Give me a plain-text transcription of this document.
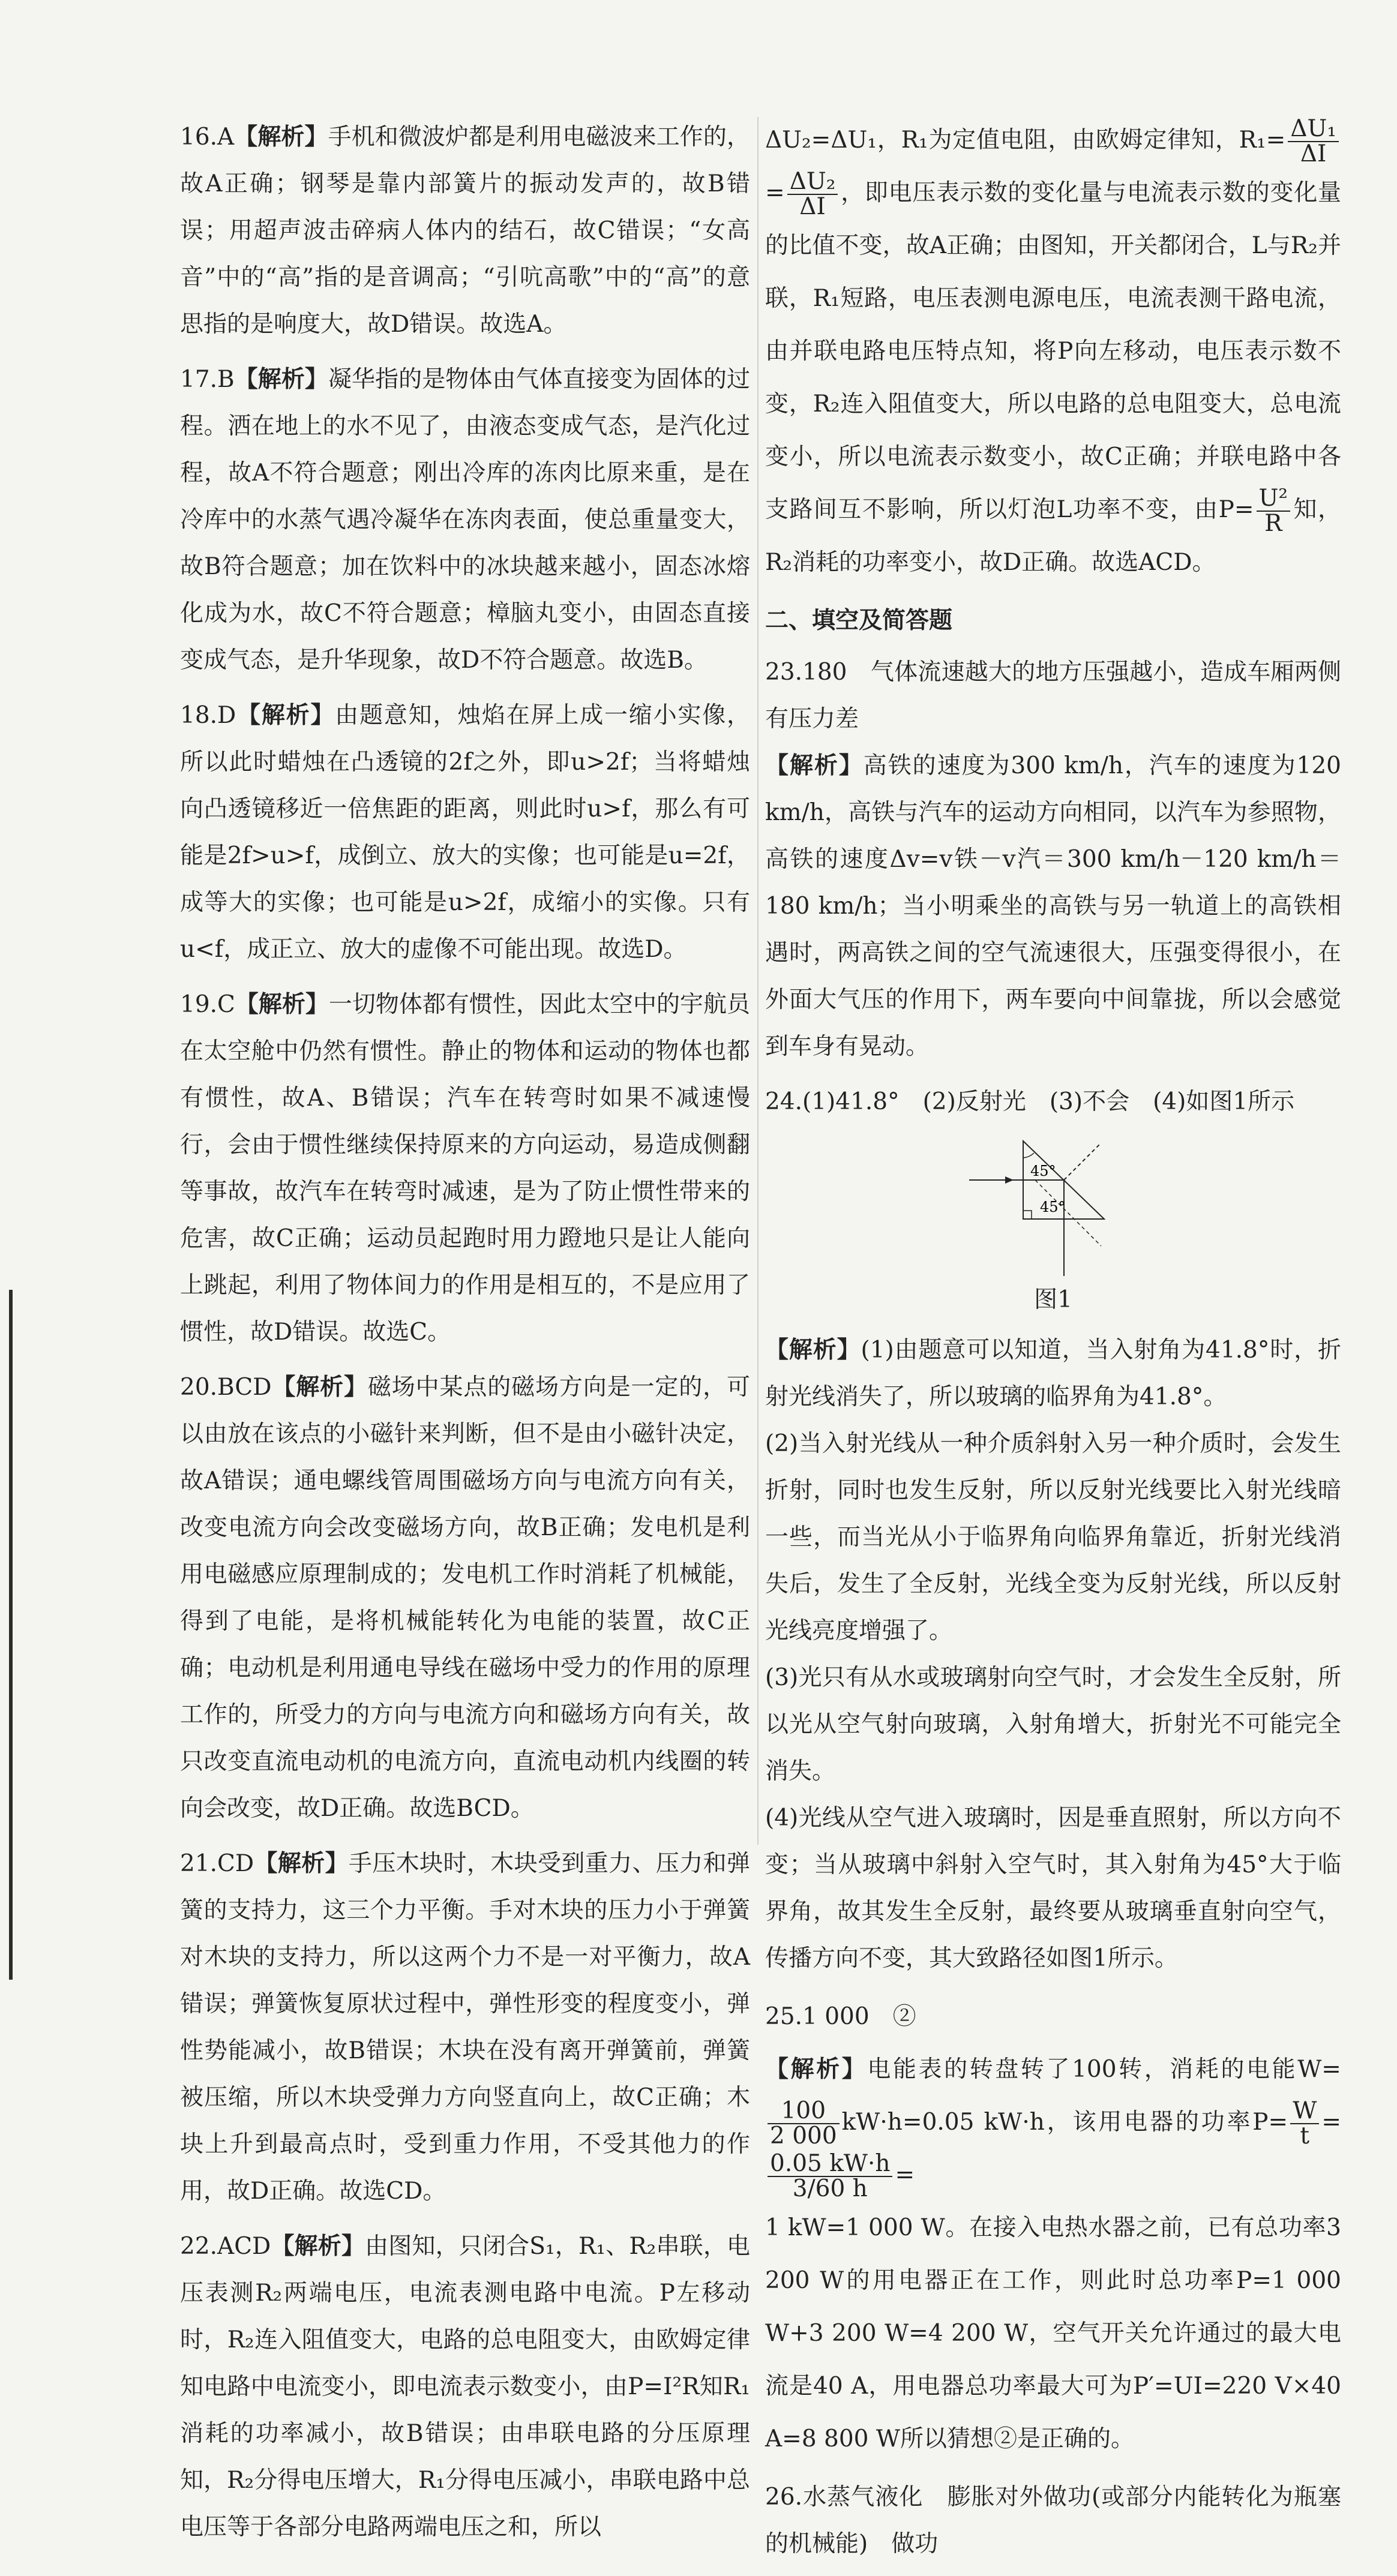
16.A【解析】手机和微波炉都是利用电磁波来工作的，故A正确；钢琴是靠内部簧片的振动发声的，故B错误；用超声波击碎病人体内的结石，故C错误；“女高音”中的“高”指的是音调高；“引吭高歌”中的“高”的意思指的是响度大，故D错误。故选A。
17.B【解析】凝华指的是物体由气体直接变为固体的过程。洒在地上的水不见了，由液态变成气态，是汽化过程，故A不符合题意；刚出冷库的冻肉比原来重，是在冷库中的水蒸气遇冷凝华在冻肉表面，使总重量变大，故B符合题意；加在饮料中的冰块越来越小，固态冰熔化成为水，故C不符合题意；樟脑丸变小，由固态直接变成气态，是升华现象，故D不符合题意。故选B。
18.D【解析】由题意知，烛焰在屏上成一缩小实像，所以此时蜡烛在凸透镜的2f之外，即u>2f；当将蜡烛向凸透镜移近一倍焦距的距离，则此时u>f，那么有可能是2f>u>f，成倒立、放大的实像；也可能是u=2f，成等大的实像；也可能是u>2f，成缩小的实像。只有u<f，成正立、放大的虚像不可能出现。故选D。
19.C【解析】一切物体都有惯性，因此太空中的宇航员在太空舱中仍然有惯性。静止的物体和运动的物体也都有惯性，故A、B错误；汽车在转弯时如果不减速慢行，会由于惯性继续保持原来的方向运动，易造成侧翻等事故，故汽车在转弯时减速，是为了防止惯性带来的危害，故C正确；运动员起跑时用力蹬地只是让人能向上跳起，利用了物体间力的作用是相互的，不是应用了惯性，故D错误。故选C。
20.BCD【解析】磁场中某点的磁场方向是一定的，可以由放在该点的小磁针来判断，但不是由小磁针决定，故A错误；通电螺线管周围磁场方向与电流方向有关，改变电流方向会改变磁场方向，故B正确；发电机是利用电磁感应原理制成的；发电机工作时消耗了机械能，得到了电能，是将机械能转化为电能的装置，故C正确；电动机是利用通电导线在磁场中受力的作用的原理工作的，所受力的方向与电流方向和磁场方向有关，故只改变直流电动机的电流方向，直流电动机内线圈的转向会改变，故D正确。故选BCD。
21.CD【解析】手压木块时，木块受到重力、压力和弹簧的支持力，这三个力平衡。手对木块的压力小于弹簧对木块的支持力，所以这两个力不是一对平衡力，故A错误；弹簧恢复原状过程中，弹性形变的程度变小，弹性势能减小，故B错误；木块在没有离开弹簧前，弹簧被压缩，所以木块受弹力方向竖直向上，故C正确；木块上升到最高点时，受到重力作用，不受其他力的作用，故D正确。故选CD。
22.ACD【解析】由图知，只闭合S₁，R₁、R₂串联，电压表测R₂两端电压，电流表测电路中电流。P左移动时，R₂连入阻值变大，电路的总电阻变大，由欧姆定律知电路中电流变小，即电流表示数变小，由P=I²R知R₁消耗的功率减小，故B错误；由串联电路的分压原理知，R₂分得电压增大，R₁分得电压减小，串联电路中总电压等于各部分电路两端电压之和，所以
ΔU₂=ΔU₁，R₁为定值电阻，由欧姆定律知，$R_1= \frac{\text{ΔU₁}}{\Delta I}$
= $\frac{\text{ΔU₂}}{\Delta I}$ ，即电压表示数的变化量与电流表示数的变化量的比值不变，故A正确；由图知，开关都闭合，L与R₂并联，R₁短路，电压表测电源电压，电流表测干路电流，由并联电路电压特点知，将P向左移动，电压表示数不变，R₂连入阻值变大，所以电路的总电阻变大，总电流变小，所以电流表示数变小，故C正确；并联电路中各支路间互不影响，所以灯泡L功率不变，由$P= \frac{\text{U²}}{R}$ 知，R₂消耗的功率变小，故D正确。故选ACD。
二、填空及简答题
23.180　气体流速越大的地方压强越小，造成车厢两侧有压力差
【解析】高铁的速度为300 km/h，汽车的速度为120 km/h，高铁与汽车的运动方向相同，以汽车为参照物，高铁的速度Δv=v铁－v汽＝300 km/h－120 km/h＝180 km/h；当小明乘坐的高铁与另一轨道上的高铁相遇时，两高铁之间的空气流速很大，压强变得很小，在外面大气压的作用下，两车要向中间靠拢，所以会感觉到车身有晃动。
24.(1)41.8°　(2)反射光　(3)不会　(4)如图1所示
45°
45°
图1
【解析】(1)由题意可以知道，当入射角为41.8°时，折射光线消失了，所以玻璃的临界角为41.8°。
(2)当入射光线从一种介质斜射入另一种介质时，会发生折射，同时也发生反射，所以反射光线要比入射光线暗一些，而当光从小于临界角向临界角靠近，折射光线消失后，发生了全反射，光线全变为反射光线，所以反射光线亮度增强了。
(3)光只有从水或玻璃射向空气时，才会发生全反射，所以光从空气射向玻璃，入射角增大，折射光不可能完全消失。
(4)光线从空气进入玻璃时，因是垂直照射，所以方向不变；当从玻璃中斜射入空气时，其入射角为45°大于临界角，故其发生全反射，最终要从玻璃垂直射向空气，传播方向不变，其大致路径如图1所示。
25.1 000　②
【解析】电能表的转盘转了100转，消耗的电能W=
$\frac{100}{2 000} kW\cdot h=0.05$ kW·h，该用电器的功率$P= \frac{W}{t}$ =
$\frac{0.05 kW\cdot h}{3/60 h}$ =
1 kW=1 000 W。在接入电热水器之前，已有总功率3 200 W的用电器正在工作，则此时总功率P=1 000 W+3 200 W=4 200 W，空气开关允许通过的最大电流是40 A，用电器总功率最大可为P′=UI=220 V×40 A=8 800 W所以猜想②是正确的。
26.水蒸气液化　膨胀对外做功(或部分内能转化为瓶塞的机械能)　做功
